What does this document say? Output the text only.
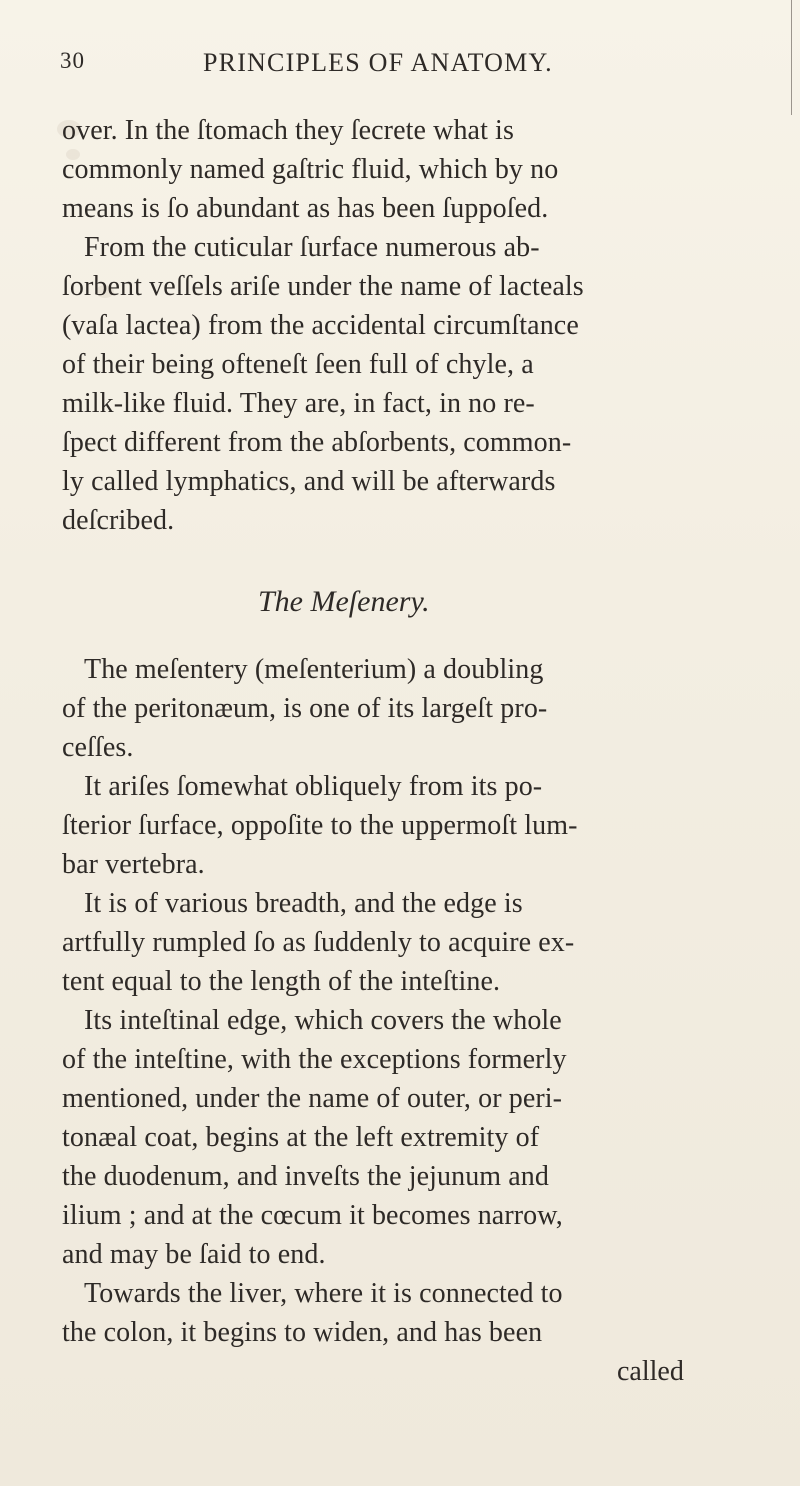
30	PRINCIPLES OF ANATOMY.
over. In the ſtomach they ſecrete what is
commonly named gaſtric fluid, which by no
means is ſo abundant as has been ſuppoſed.
From the cuticular ſurface numerous ab-
ſorbent veſſels ariſe under the name of lacteals
(vaſa lactea) from the accidental circumſtance
of their being ofteneſt ſeen full of chyle, a
milk-like fluid. They are, in fact, in no re-
ſpect different from the abſorbents, common-
ly called lymphatics, and will be afterwards
deſcribed.
The Meſenery.
The meſentery (meſenterium) a doubling
of the peritonæum, is one of its largeſt pro-
ceſſes.
It ariſes ſomewhat obliquely from its po-
ſterior ſurface, oppoſite to the uppermoſt lum-
bar vertebra.
It is of various breadth, and the edge is
artfully rumpled ſo as ſuddenly to acquire ex-
tent equal to the length of the inteſtine.
Its inteſtinal edge, which covers the whole
of the inteſtine, with the exceptions formerly
mentioned, under the name of outer, or peri-
tonæal coat, begins at the left extremity of
the duodenum, and inveſts the jejunum and
ilium ; and at the cœcum it becomes narrow,
and may be ſaid to end.
Towards the liver, where it is connected to
the colon, it begins to widen, and has been
called
